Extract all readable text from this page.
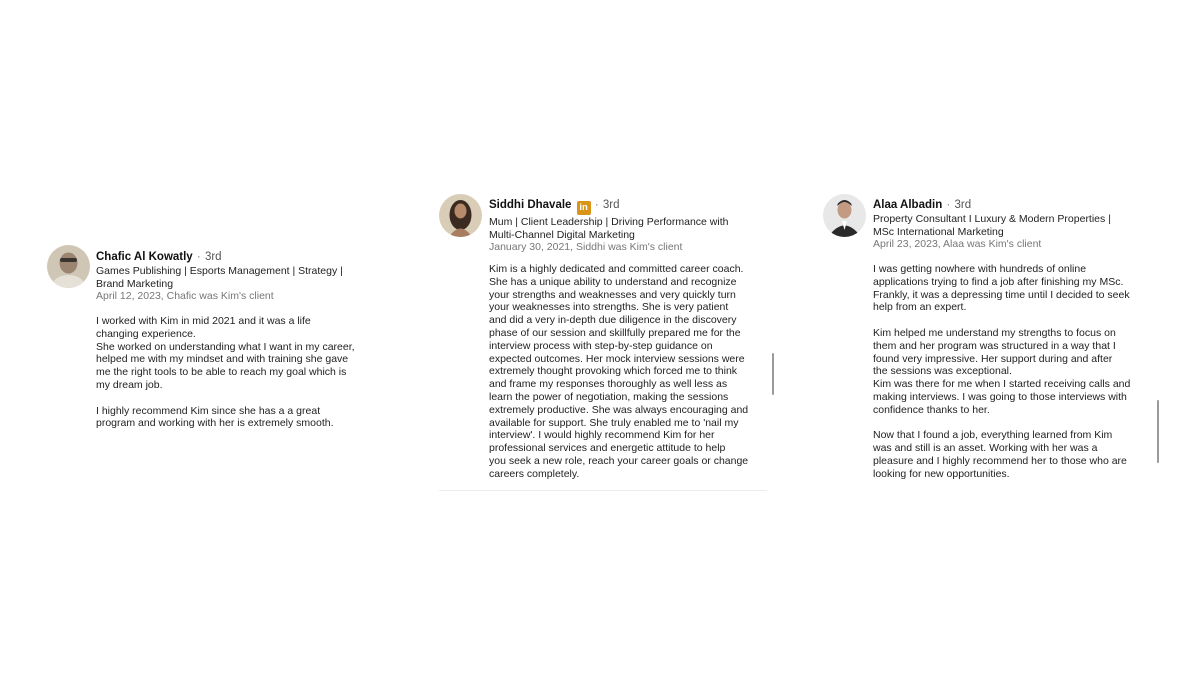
Chafic Al Kowatly · 3rd
Games Publishing | Esports Management | Strategy |
Brand Marketing
April 12, 2023, Chafic was Kim's client
I worked with Kim in mid 2021 and it was a life
changing experience.
She worked on understanding what I want in my career,
helped me with my mindset and with training she gave
me the right tools to be able to reach my goal which is
my dream job.

I highly recommend Kim since she has a a great
program and working with her is extremely smooth.
Siddhi Dhavale in · 3rd
Mum | Client Leadership | Driving Performance with
Multi-Channel Digital Marketing
January 30, 2021, Siddhi was Kim's client
Kim is a highly dedicated and committed career coach.
She has a unique ability to understand and recognize
your strengths and weaknesses and very quickly turn
your weaknesses into strengths. She is very patient
and did a very in-depth due diligence in the discovery
phase of our session and skillfully prepared me for the
interview process with step-by-step guidance on
expected outcomes. Her mock interview sessions were
extremely thought provoking which forced me to think
and frame my responses thoroughly as well less as
learn the power of negotiation, making the sessions
extremely productive. She was always encouraging and
available for support. She truly enabled me to 'nail my
interview'. I would highly recommend Kim for her
professional services and energetic attitude to help
you seek a new role, reach your career goals or change
careers completely.
Alaa Albadin · 3rd
Property Consultant I Luxury & Modern Properties |
MSc International Marketing
April 23, 2023, Alaa was Kim's client
I was getting nowhere with hundreds of online
applications trying to find a job after finishing my MSc.
Frankly, it was a depressing time until I decided to seek
help from an expert.

Kim helped me understand my strengths to focus on
them and her program was structured in a way that I
found very impressive. Her support during and after
the sessions was exceptional.
Kim was there for me when I started receiving calls and
making interviews. I was going to those interviews with
confidence thanks to her.

Now that I found a job, everything learned from Kim
was and still is an asset. Working with her was a
pleasure and I highly recommend her to those who are
looking for new opportunities.
